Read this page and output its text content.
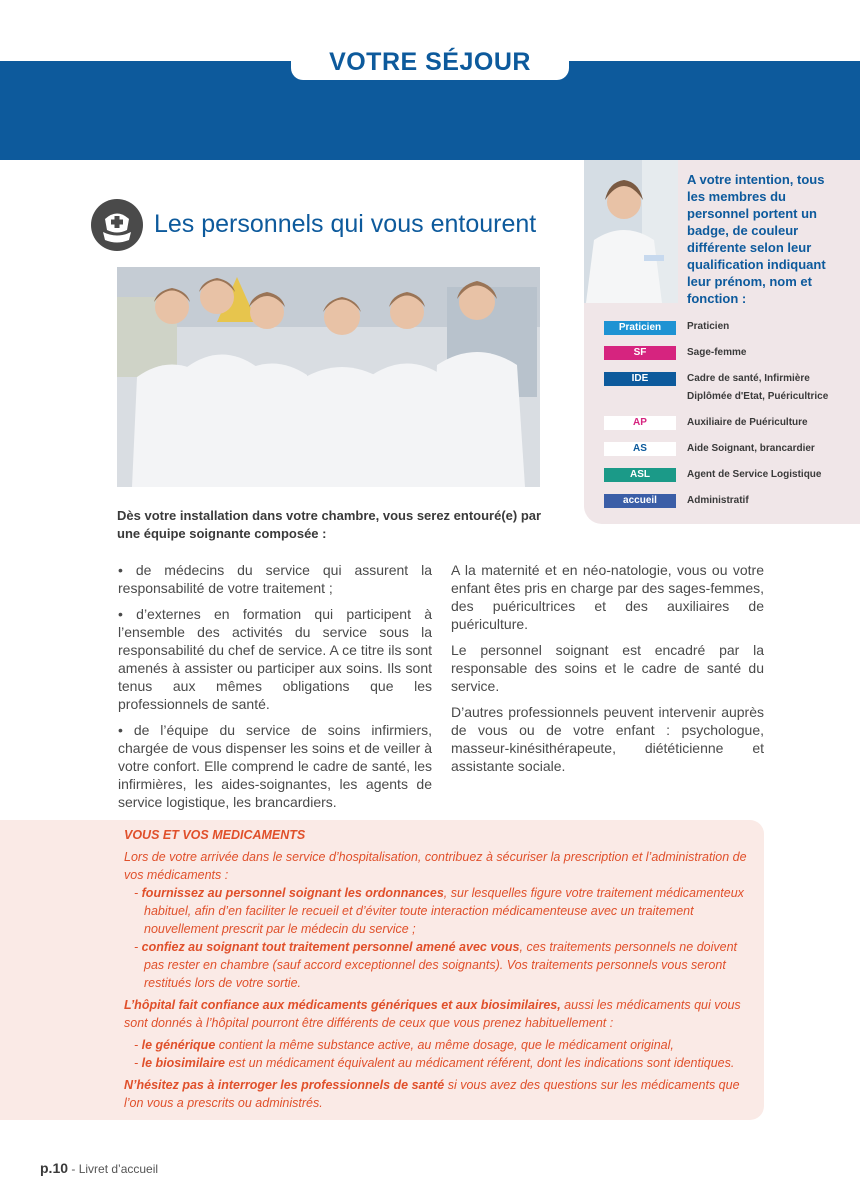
VOTRE SÉJOUR
Les personnels qui vous entourent
Dès votre installation dans votre chambre, vous serez entouré(e) par une équipe soignante composée :

• de médecins du service qui assurent la responsabilité de votre traitement ;

• d’externes en formation qui participent à l’ensemble des activités du service sous la responsabilité du chef de service. A ce titre ils sont amenés à assister ou participer aux soins. Ils sont tenus aux mêmes obligations que les professionnels de santé.

• de l’équipe du service de soins infirmiers, chargée de vous dispenser les soins et de veiller à votre confort. Elle comprend le cadre de santé, les infirmières, les aides-soignantes, les agents de service logistique, les brancardiers.

A la maternité et en néo-natologie, vous ou votre enfant êtes pris en charge par des sages-femmes, des puéricultrices et des auxiliaires de puériculture.

Le personnel soignant est encadré par la responsable des soins et le cadre de santé du service.

D’autres professionnels peuvent intervenir auprès de vous ou de votre enfant : psychologue, masseur-kinésithérapeute, diététicienne et assistante sociale.

A votre intention, tous les membres du personnel portent un badge, de couleur différente selon leur qualification indiquant leur prénom, nom et fonction :
Praticien	Praticien
SF	Sage-femme
IDE	Cadre de santé, Infirmière Diplômée d'Etat, Puéricultrice
AP	Auxiliaire de Puériculture
AS	Aide Soignant, brancardier
ASL	Agent de Service Logistique
accueil	Administratif

VOUS ET VOS MEDICAMENTS

Lors de votre arrivée dans le service d’hospitalisation, contribuez à sécuriser la prescription et l’administration de vos médicaments :

- fournissez au personnel soignant les ordonnances, sur lesquelles figure votre traitement médicamenteux habituel, afin d’en faciliter le recueil et d’éviter toute interaction médicamenteuse avec un traitement nouvellement prescrit par le médecin du service ;

- confiez au soignant tout traitement personnel amené avec vous, ces traitements personnels ne doivent pas rester en chambre (sauf accord exceptionnel des soignants). Vos traitements personnels vous seront restitués lors de votre sortie.

L’hôpital fait confiance aux médicaments génériques et aux biosimilaires, aussi les médicaments qui vous sont donnés à l’hôpital pourront être différents de ceux que vous prenez habituellement :

- le générique contient la même substance active, au même dosage, que le médicament original,

- le biosimilaire est un médicament équivalent au médicament référent, dont les indications sont identiques.

N’hésitez pas à interroger les professionnels de santé si vous avez des questions sur les médicaments que l’on vous a prescrits ou administrés.

p.10 - Livret d’accueil
